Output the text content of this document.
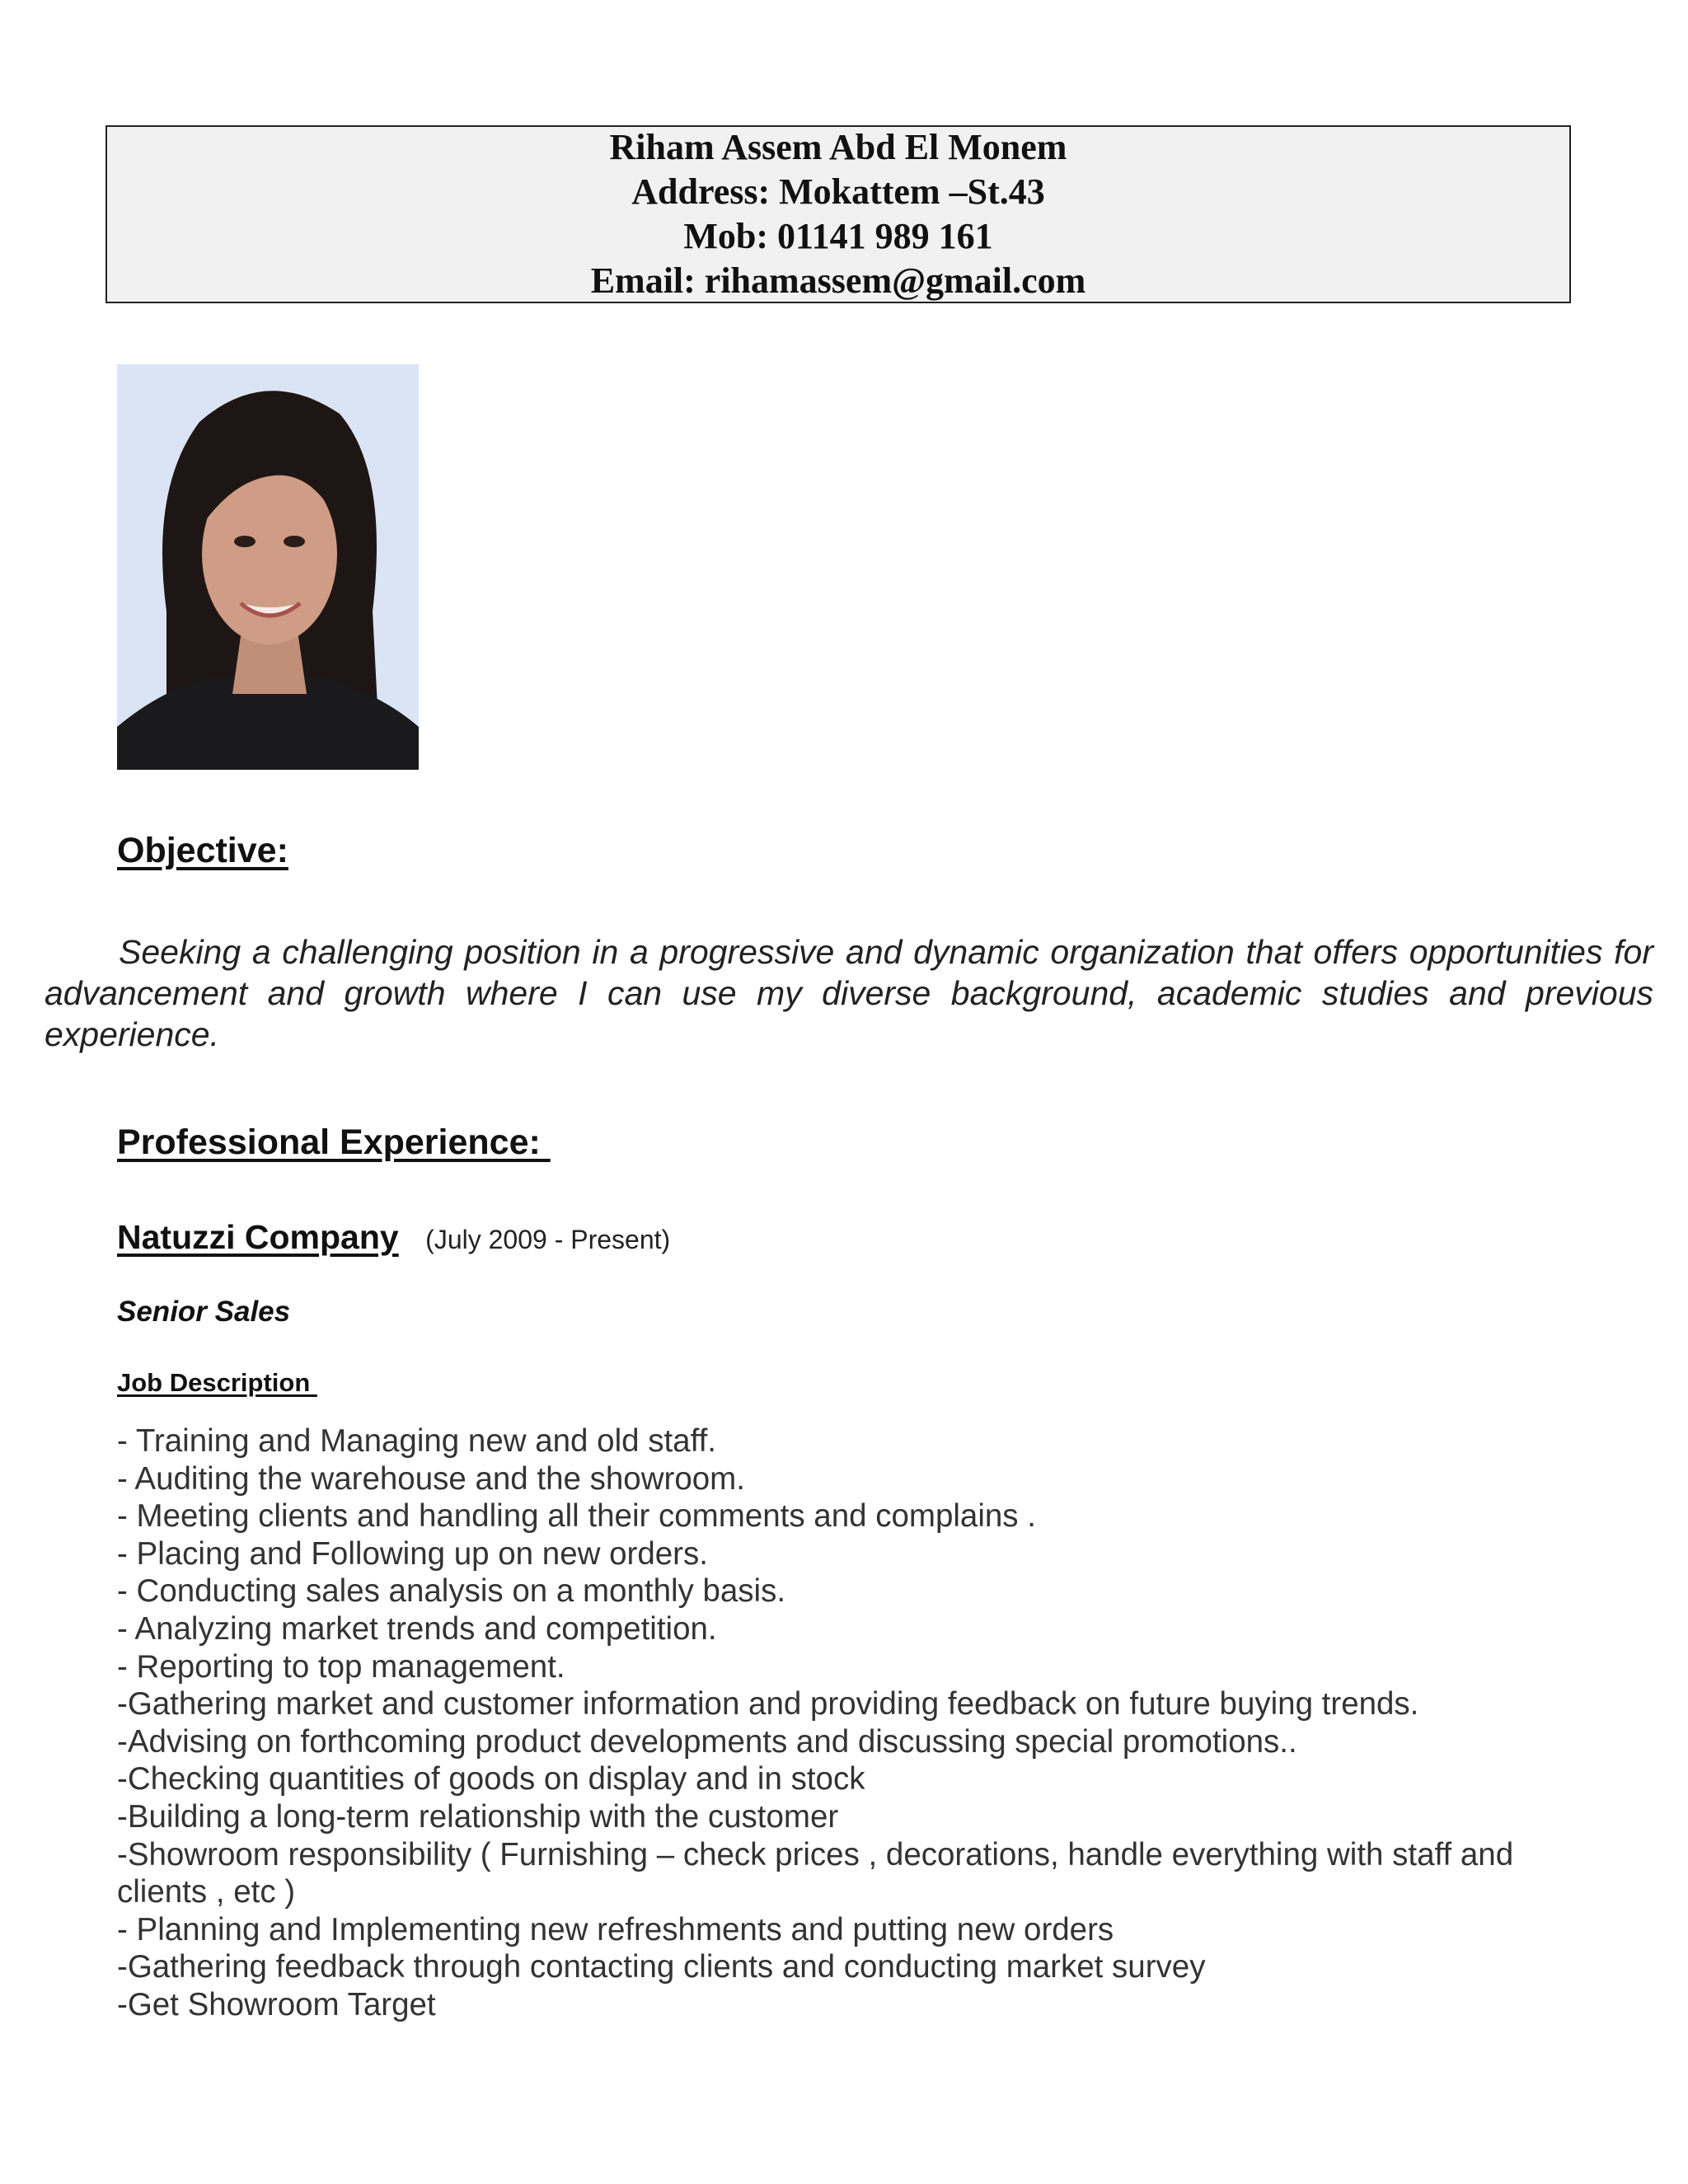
Riham Assem Abd El Monem
Address: Mokattem –St.43
Mob: 01141 989 161
Email: rihamassem@gmail.com
Objective:
Seeking a challenging position in a progressive and dynamic organization that offers opportunities for advancement and growth where I can use my diverse background, academic studies and previous experience.
Professional Experience:
Natuzzi Company (July 2009 - Present)
Senior Sales
Job Description
- Training and Managing new and old staff.
- Auditing the warehouse and the showroom.
- Meeting clients and handling all their comments and complains .
- Placing and Following up on new orders.
- Conducting sales analysis on a monthly basis.
- Analyzing market trends and competition.
- Reporting to top management.
-Gathering market and customer information and providing feedback on future buying trends.
-Advising on forthcoming product developments and discussing special promotions..
-Checking quantities of goods on display and in stock
-Building a long-term relationship with the customer
-Showroom responsibility ( Furnishing – check prices , decorations, handle everything with staff and clients , etc )
- Planning and Implementing new refreshments and putting new orders
-Gathering feedback through contacting clients and conducting market survey
-Get Showroom Target
